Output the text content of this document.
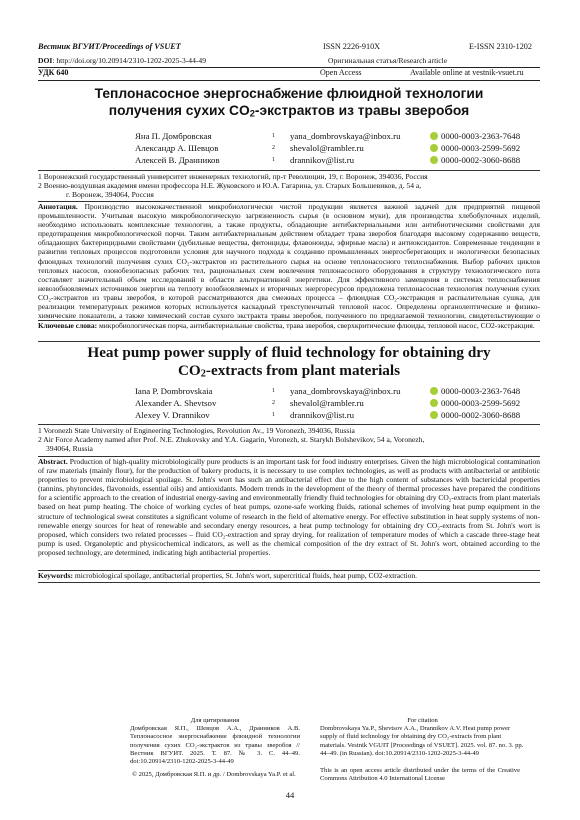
Вестник ВГУИТ/Proceedings of VSUET	ISSN 2226-910X	E-ISSN 2310-1202
DOI: http://doi.org/10.20914/2310-1202-2025-3-44-49	Оригинальная статья/Research article
УДК 640	Open Access	Available online at vestnik-vsuet.ru
Теплонасосное энергоснабжение флюидной технологии
получения сухих CO2-экстрактов из травы зверобоя
Яна П. Домбровская	1 yana_dombrovskaya@inbox.ru	0000-0003-2363-7648
Александр А. Шевцов	2 shevalol@rambler.ru	0000-0003-2599-5692
Алексей В. Дранников	1 drannikov@list.ru	0000-0002-3060-8688
1 Воронежский государственный университет инженерных технологий, пр-т Революции, 19, г. Воронеж, 394036, Россия
2 Военно-воздушная академия имени профессора Н.Е. Жуковского и Ю.А. Гагарина, ул. Старых Большевиков, д. 54 а,
г. Воронеж, 394064, Россия
Аннотация. Производство высококачественной микробиологически чистой продукции является важной задачей для предприятий пищевой промышленности. Учитывая высокую микробиологическую загрязненность сырья (в основном муки), для производства хлебобулочных изделий, необходимо использовать комплексные технологии, а также продукты, обладающие антибактериальными или антибиотическими свойствами для предотвращения микробиологической порчи. Таким антибактериальным действием обладает трава зверобоя благодаря высокому содержанию веществ, обладающих бактерицидными свойствами (дубильные вещества, фитонциды, флавоноиды, эфирные масла) и антиоксидантов. Современные тенденции в развитии тепловых процессов подготовили условия для научного подхода к созданию промышленных энергосберегающих и экологически безопасных флюидных технологий получения сухих CO₂-экстрактов из растительного сырья на основе теплонасосного теплоснабжения. Выбор рабочих циклов тепловых насосов, озонобезопасных рабочих тел, рациональных схем вовлечения теплонасосного оборудования в структуру технологического пота составляет значительный объем исследований в области альтернативной энергетики. Для эффективного замещения в системах теплоснабжения невозобновляемых источников энергии на теплоту возобновляемых и вторичных энергоресурсов предложена теплонасосная технология получения сухих CO₂-экстрактов из травы зверобоя, в которой рассматриваются два смежных процесса – флюидная CO₂-экстракция и распылительная сушка, для реализации температурных режимов которых используется каскадный трехступенчатый тепловой насос. Определены органолептические и физико-химические показатели, а также химический состав сухого экстракта травы зверобоя, полученного по предлагаемой технологии, свидетельствующие о
Ключевые слова: микробиологическая порча, антибактериальные свойства, трава зверобоя, сверхкритические флюиды, тепловой насос, CO2-экстракция.
Heat pump power supply of fluid technology for obtaining dry
CO2-extracts from plant materials
Iana P. Dombrovskaia	1 yana_dombrovskaya@inbox.ru	0000-0003-2363-7648
Alexander A. Shevtsov	2 shevalol@rambler.ru	0000-0003-2599-5692
Alexey V. Drannikov	1 drannikov@list.ru	0000-0002-3060-8688
1 Voronezh State University of Engineering Technologies, Revolution Av., 19 Voronezh, 394036, Russia
2 Air Force Academy named after Prof. N.E. Zhukovsky and Y.A. Gagarin, Voronezh, st. Starykh Bolshevikov, 54 a, Voronezh,
394064, Russia
Abstract. Production of high-quality microbiologically pure products is an important task for food industry enterprises. Given the high microbiological contamination of raw materials (mainly flour), for the production of bakery products, it is necessary to use complex technologies, as well as products with antibacterial or antibiotic properties to prevent microbiological spoilage. St. John's wort has such an antibacterial effect due to the high content of substances with bactericidal properties (tannins, phytoncides, flavonoids, essential oils) and antioxidants. Modern trends in the development of the theory of thermal processes have prepared the conditions for a scientific approach to the creation of industrial energy-saving and environmentally friendly fluid technologies for obtaining dry CO₂-extracts from plant materials based on heat pump heating. The choice of working cycles of heat pumps, ozone-safe working fluids, rational schemes of involving heat pump equipment in the structure of technological sweat constitutes a significant volume of research in the field of alternative energy. For effective substitution in heat supply systems of non-renewable energy sources for heat of renewable and secondary energy resources, a heat pump technology for obtaining dry CO₂-extracts from St. John's wort is proposed, which considers two related processes – fluid CO₂-extraction and spray drying, for realization of temperature modes of which a cascade three-stage heat pump is used. Organoleptic and physicochemical indicators, as well as the chemical composition of the dry extract of St. John's wort, obtained according to the proposed technology, are determined, indicating high antibacterial properties.
Keywords: microbiological spoilage, antibacterial properties, St. John's wort, supercritical fluids, heat pump, CO2-extraction.
Для цитирования
Домбровская Я.П., Шевцов А.А., Дранников А.В. Теплонасосное энергоснабжение флюидной технологии получения сухих CO₂-экстрактов из травы зверобоя // Вестник ВГУИТ. 2025. Т. 87. № 3. С. 44–49. doi:10.20914/2310-1202-2025-3-44-49
For citation
Dombrovskaya Ya.P., Shevtsov A.A., Drannikov A.V. Heat pump power supply of fluid technology for obtaining dry CO₂-extracts from plant materials. Vestnik VGUIT [Proceedings of VSUET]. 2025. vol. 87. no. 3. pp. 44–49. (in Russian). doi:10.20914/2310-1202-2025-3-44-49
© 2025, Домбровская Я.П. и др. / Dombrovskaya Ya.P. et al.
This is an open access article distributed under the terms of the Creative Commons Attribution 4.0 International License
44
